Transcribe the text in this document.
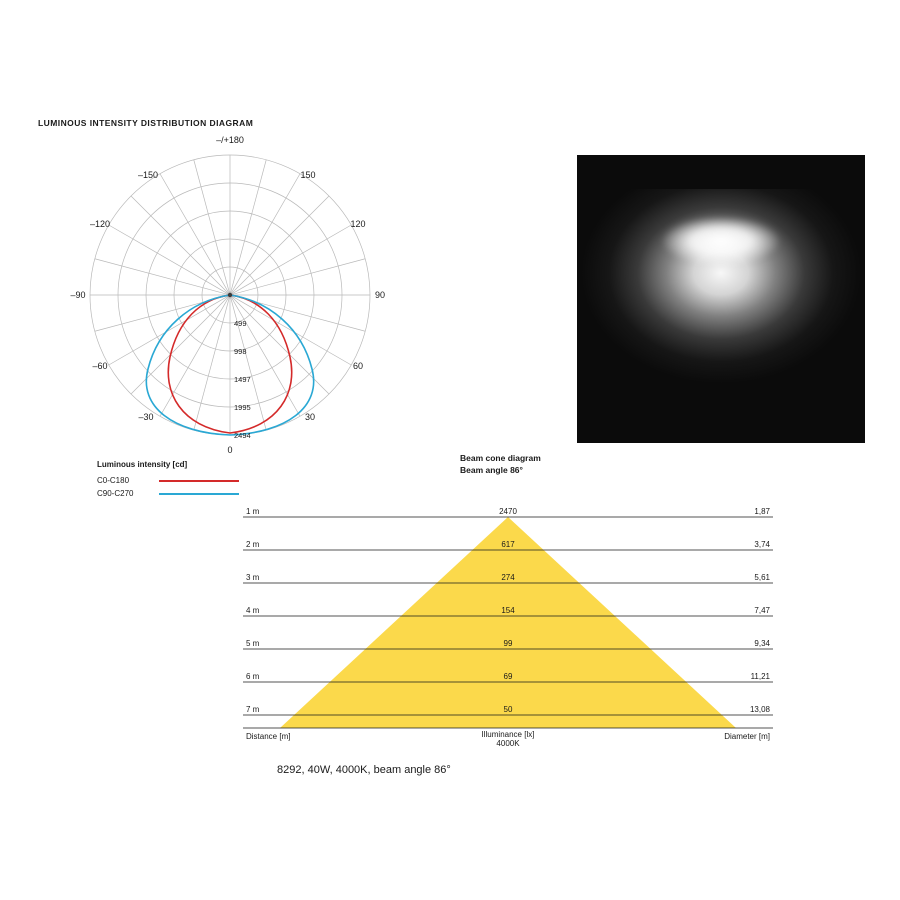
LUMINOUS INTENSITY DISTRIBUTION DIAGRAM
499
998
1497
1995
2494
–/+180
–150	150
–120	120
–90	90
–60	60
–30	30
0
Luminous intensity [cd]
C0-C180
C90-C270
Beam cone diagram
Beam angle 86°
1 m	2470	1,87
2 m	617	3,74
3 m	274	5,61
4 m	154	7,47
5 m	99	9,34
6 m	69	11,21
7 m	50	13,08
Distance [m]	Illuminance [lx]
4000K
Diameter [m]
8292, 40W, 4000K, beam angle 86°
